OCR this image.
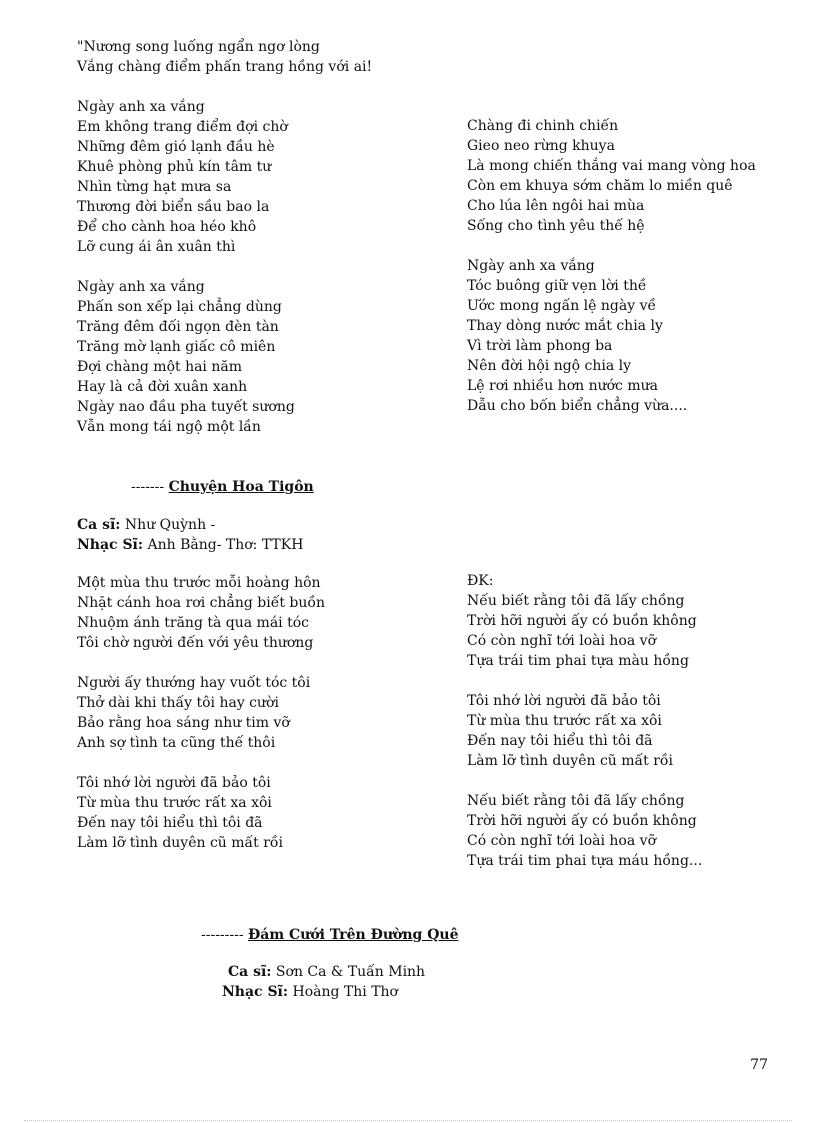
"Nương song luống ngẩn ngơ lòng
Vắng chàng điểm phấn trang hồng với ai!
Ngày anh xa vắng
Em không trang điểm đợi chờ
Những đêm gió lạnh đầu hè
Khuê phòng phủ kín tâm tư
Nhìn từng hạt mưa sa
Thương đời biển sầu bao la
Để cho cành hoa héo khô
Lỡ cung ái ân xuân thì
Ngày anh xa vắng
Phấn son xếp lại chẳng dùng
Trăng đêm đối ngọn đèn tàn
Trăng mờ lạnh giấc cô miên
Đợi chàng một hai năm
Hay là cả đời xuân xanh
Ngày nao đầu pha tuyết sương
Vẫn mong tái ngộ một lần
Chàng đi chinh chiến
Gieo neo rừng khuya
Là mong chiến thắng vai mang vòng hoa
Còn em khuya sớm chăm lo miền quê
Cho lúa lên ngôi hai mùa
Sống cho tình yêu thế hệ
Ngày anh xa vắng
Tóc buông giữ vẹn lời thề
Ước mong ngấn lệ ngày về
Thay dòng nước mắt chia ly
Vì trời làm phong ba
Nên đời hội ngộ chia ly
Lệ rơi nhiều hơn nước mưa
Dẫu cho bốn biển chẳng vừa....
------- Chuyện Hoa Tigôn
Ca sĩ: Như Quỳnh -
Nhạc Sĩ: Anh Bằng- Thơ: TTKH
Một mùa thu trước mỗi hoàng hôn
Nhặt cánh hoa rơi chẳng biết buồn
Nhuộm ánh trăng tà qua mái tóc
Tôi chờ người đến với yêu thương
Người ấy thướng hay vuốt tóc tôi
Thở dài khi thấy tôi hay cười
Bảo rằng hoa sáng như tim vỡ
Anh sợ tình ta cũng thế thôi
Tôi nhớ lời người đã bảo tôi
Từ mùa thu trước rất xa xôi
Đến nay tôi hiểu thì tôi đã
Làm lỡ tình duyên cũ mất rồi
ĐK:
Nếu biết rằng tôi đã lấy chồng
Trời hỡi người ấy có buồn không
Có còn nghĩ tới loài hoa vỡ
Tựa trái tim phai tựa màu hồng
Tôi nhớ lời người đã bảo tôi
Từ mùa thu trước rất xa xôi
Đến nay tôi hiểu thì tôi đã
Làm lỡ tình duyên cũ mất rồi
Nếu biết rằng tôi đã lấy chồng
Trời hỡi người ấy có buồn không
Có còn nghĩ tới loài hoa vỡ
Tựa trái tim phai tựa máu hồng...
--------- Đám Cưới Trên Đường Quê
Ca sĩ: Sơn Ca & Tuấn Minh
Nhạc Sĩ: Hoàng Thi Thơ
77
